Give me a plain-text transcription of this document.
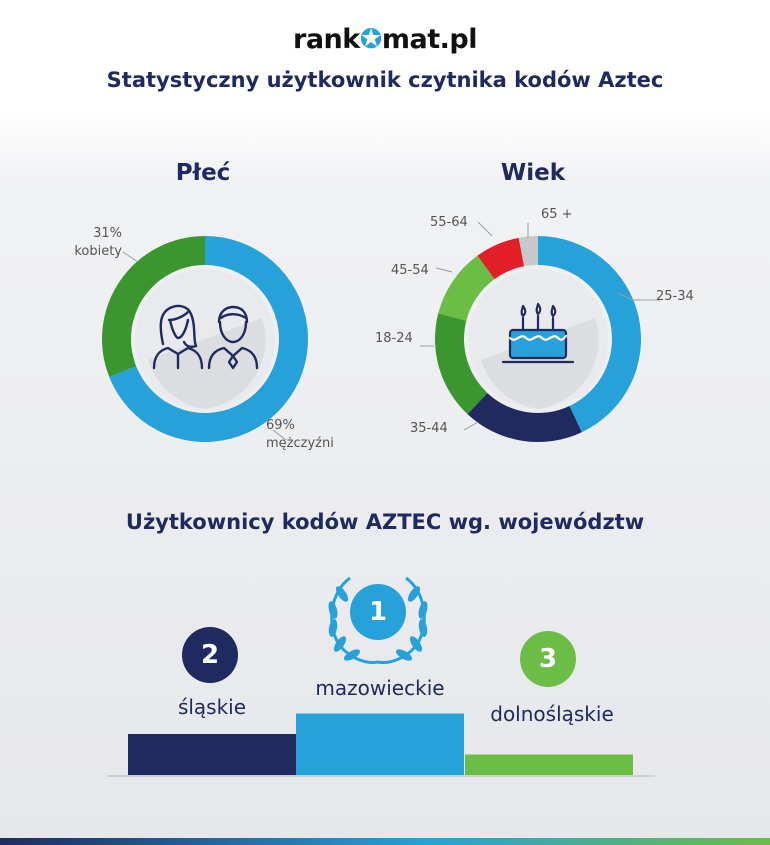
rank✪mat.pl
Statystyczny użytkownik czytnika kodów Aztec
Płeć	Wiek
31%
kobiety
69%
mężczyźni
25-34
35-44
18-24
45-54
55-64
65 +
Użytkownicy kodów AZTEC wg. województw
2
1
3
śląskie
mazowieckie
dolnośląskie
